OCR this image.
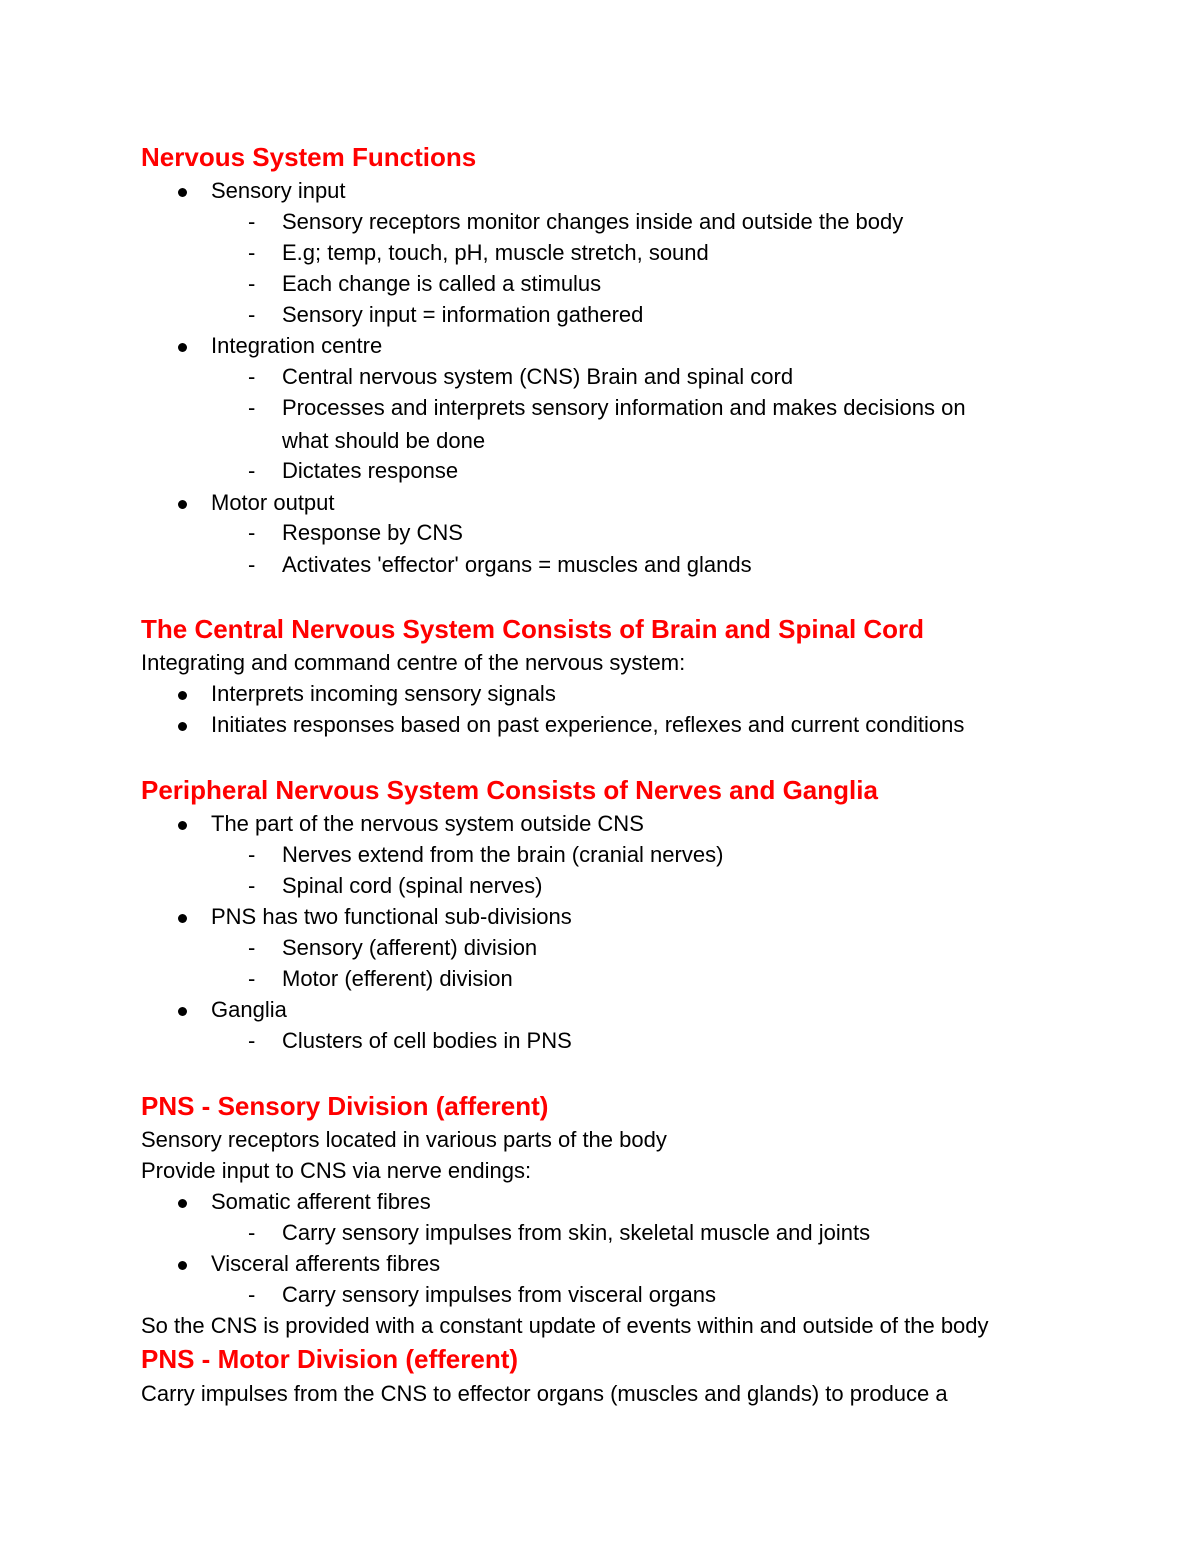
Nervous System Functions
Sensory input
- Sensory receptors monitor changes inside and outside the body
- E.g; temp, touch, pH, muscle stretch, sound
- Each change is called a stimulus
- Sensory input = information gathered
Integration centre
- Central nervous system (CNS) Brain and spinal cord
- Processes and interprets sensory information and makes decisions on
what should be done
- Dictates response
Motor output
- Response by CNS
- Activates 'effector' organs = muscles and glands
The Central Nervous System Consists of Brain and Spinal Cord
Integrating and command centre of the nervous system:
Interprets incoming sensory signals
Initiates responses based on past experience, reflexes and current conditions
Peripheral Nervous System Consists of Nerves and Ganglia
The part of the nervous system outside CNS
- Nerves extend from the brain (cranial nerves)
- Spinal cord (spinal nerves)
PNS has two functional sub-divisions
- Sensory (afferent) division
- Motor (efferent) division
Ganglia
- Clusters of cell bodies in PNS
PNS - Sensory Division (afferent)
Sensory receptors located in various parts of the body
Provide input to CNS via nerve endings:
Somatic afferent fibres
- Carry sensory impulses from skin, skeletal muscle and joints
Visceral afferents fibres
- Carry sensory impulses from visceral organs
So the CNS is provided with a constant update of events within and outside of the body
PNS - Motor Division (efferent)
Carry impulses from the CNS to effector organs (muscles and glands) to produce a
